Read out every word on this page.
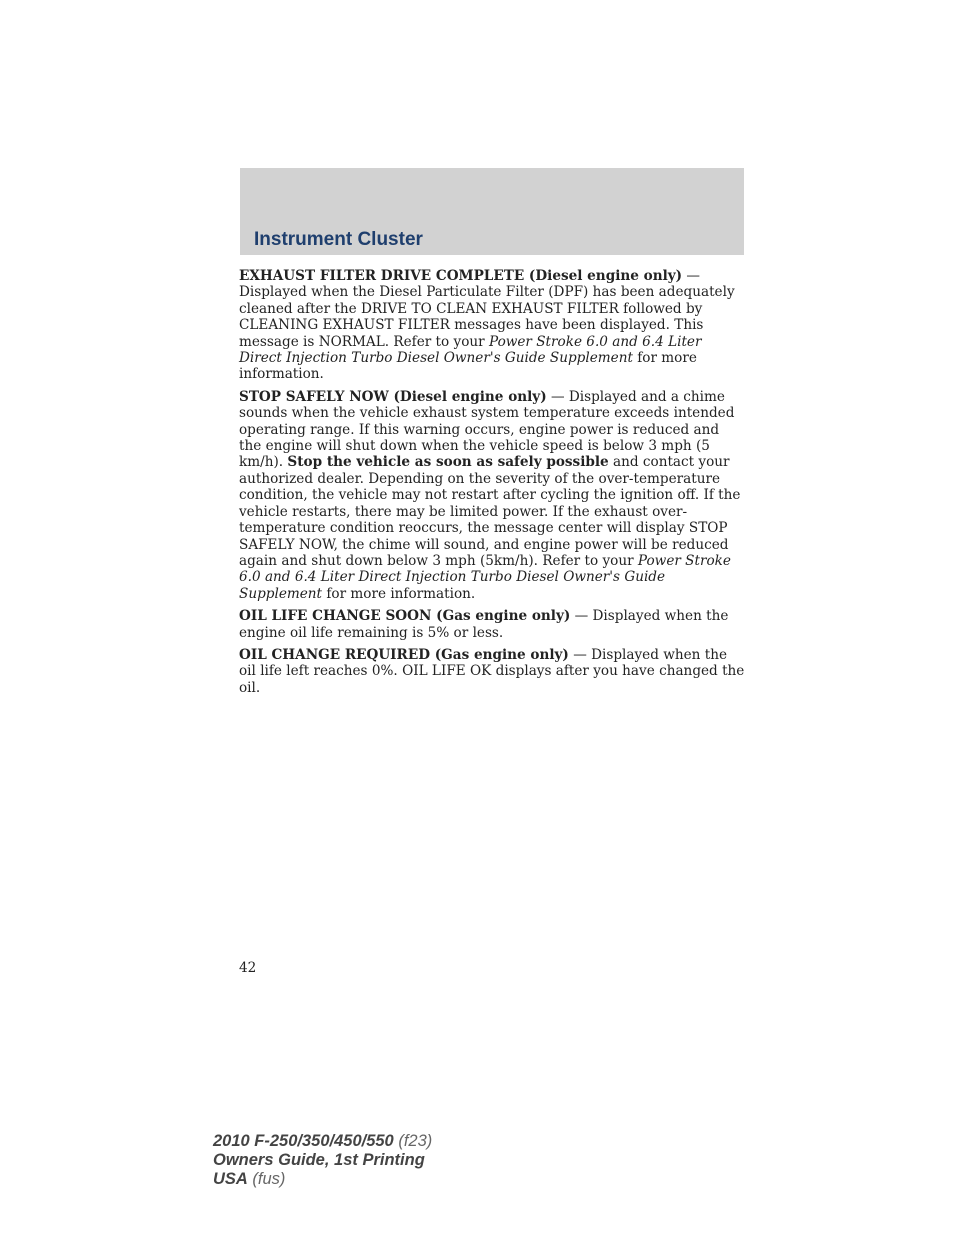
Instrument Cluster

EXHAUST FILTER DRIVE COMPLETE (Diesel engine only) — Displayed when the Diesel Particulate Filter (DPF) has been adequately cleaned after the DRIVE TO CLEAN EXHAUST FILTER followed by CLEANING EXHAUST FILTER messages have been displayed. This message is NORMAL. Refer to your Power Stroke 6.0 and 6.4 Liter Direct Injection Turbo Diesel Owner's Guide Supplement for more information.

STOP SAFELY NOW (Diesel engine only) — Displayed and a chime sounds when the vehicle exhaust system temperature exceeds intended operating range. If this warning occurs, engine power is reduced and the engine will shut down when the vehicle speed is below 3 mph (5 km/h). Stop the vehicle as soon as safely possible and contact your authorized dealer. Depending on the severity of the over-temperature condition, the vehicle may not restart after cycling the ignition off. If the vehicle restarts, there may be limited power. If the exhaust over-temperature condition reoccurs, the message center will display STOP SAFELY NOW, the chime will sound, and engine power will be reduced again and shut down below 3 mph (5km/h). Refer to your Power Stroke 6.0 and 6.4 Liter Direct Injection Turbo Diesel Owner's Guide Supplement for more information.

OIL LIFE CHANGE SOON (Gas engine only) — Displayed when the engine oil life remaining is 5% or less.

OIL CHANGE REQUIRED (Gas engine only) — Displayed when the oil life left reaches 0%. OIL LIFE OK displays after you have changed the oil.

42
2010 F-250/350/450/550 (f23)
Owners Guide, 1st Printing
USA (fus)
